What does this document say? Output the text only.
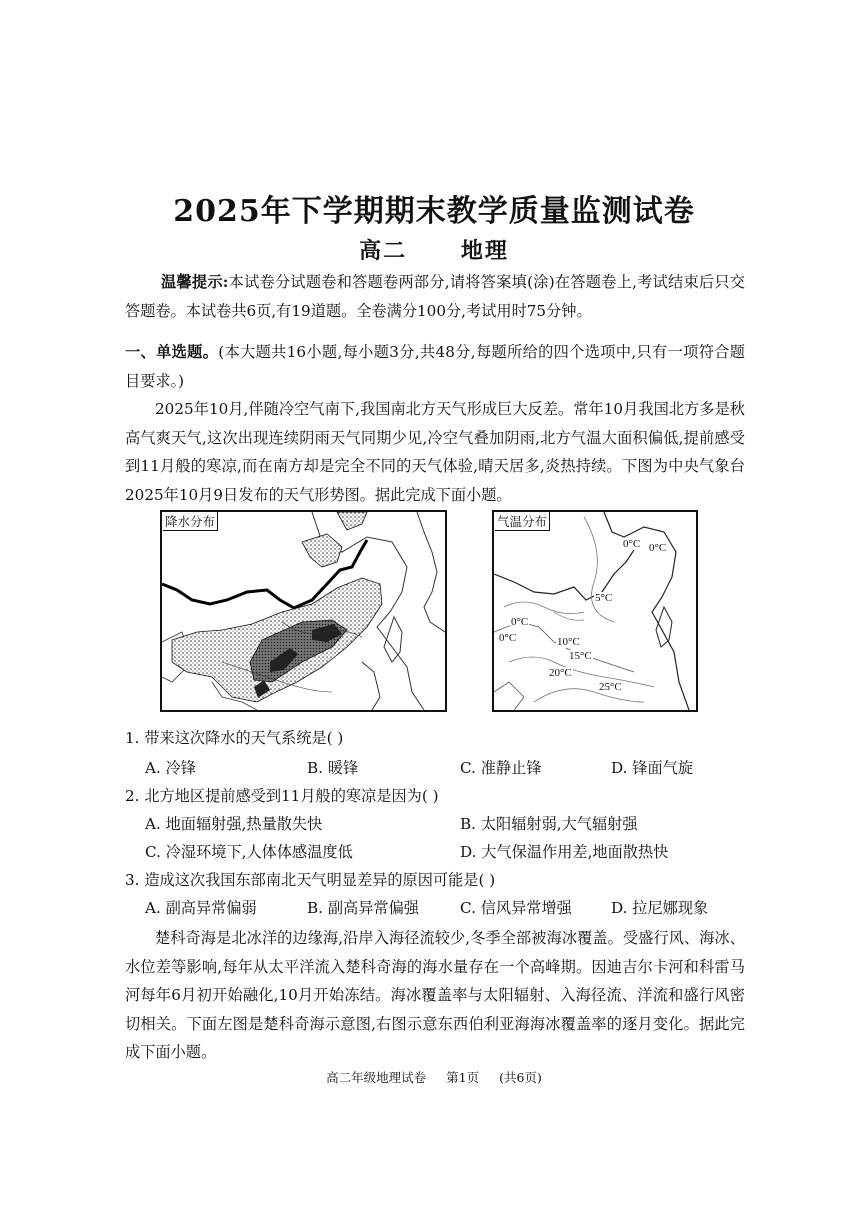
2025年下学期期末教学质量监测试卷
高二 地理

温馨提示:本试卷分试题卷和答题卷两部分,请将答案填(涂)在答题卷上,考试结束后只交答题卷。本试卷共6页,有19道题。全卷满分100分,考试用时75分钟。

一、单选题。(本大题共16小题,每小题3分,共48分,每题所给的四个选项中,只有一项符合题目要求。)

2025年10月,伴随冷空气南下,我国南北方天气形成巨大反差。常年10月我国北方多是秋高气爽天气,这次出现连续阴雨天气同期少见,冷空气叠加阴雨,北方气温大面积偏低,提前感受到11月般的寒凉,而在南方却是完全不同的天气体验,晴天居多,炎热持续。下图为中央气象台2025年10月9日发布的天气形势图。据此完成下面小题。

降水分布	气温分布
0°C 0°C
5°C
0°C
0°C	10°C
15°C
20°C
25°C
1. 带来这次降水的天气系统是( )
A. 冷锋	B. 暖锋	C. 准静止锋	D. 锋面气旋
2. 北方地区提前感受到11月般的寒凉是因为( )
A. 地面辐射强,热量散失快	B. 太阳辐射弱,大气辐射强
C. 冷湿环境下,人体体感温度低	D. 大气保温作用差,地面散热快
3. 造成这次我国东部南北天气明显差异的原因可能是( )
A. 副高异常偏弱	B. 副高异常偏强	C. 信风异常增强	D. 拉尼娜现象

楚科奇海是北冰洋的边缘海,沿岸入海径流较少,冬季全部被海冰覆盖。受盛行风、海冰、水位差等影响,每年从太平洋流入楚科奇海的海水量存在一个高峰期。因迪吉尔卡河和科雷马河每年6月初开始融化,10月开始冻结。海冰覆盖率与太阳辐射、入海径流、洋流和盛行风密切相关。下面左图是楚科奇海示意图,右图示意东西伯利亚海海冰覆盖率的逐月变化。据此完成下面小题。

高二年级地理试卷 第1页 (共6页)
